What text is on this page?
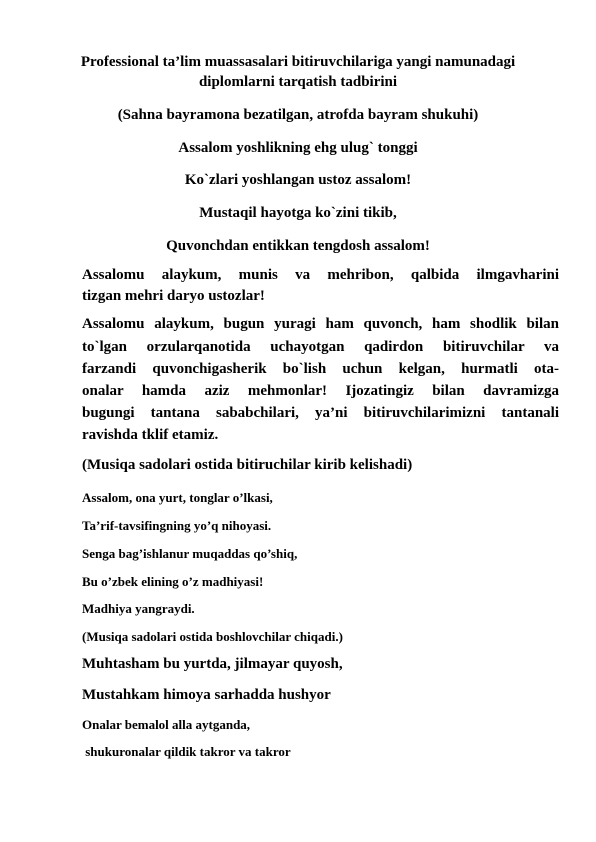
Professional ta’lim muassasalari bitiruvchilariga yangi namunadagi
diplomlarni tarqatish tadbirini
(Sahna bayramona bezatilgan, atrofda bayram shukuhi)
Assalom yoshlikning ehg ulug` tonggi
Ko`zlari yoshlangan ustoz assalom!
Mustaqil hayotga ko`zini tikib,
Quvonchdan entikkan tengdosh assalom!
Assalomu alaykum, munis va mehribon, qalbida ilmgavharini
tizgan mehri daryo ustozlar!
Assalomu alaykum, bugun yuragi ham quvonch, ham shodlik bilan
to`lgan orzularqanotida uchayotgan qadirdon bitiruvchilar va
farzandi quvonchigasherik bo`lish uchun kelgan, hurmatli ota-
onalar hamda aziz mehmonlar! Ijozatingiz bilan davramizga
bugungi tantana sababchilari, ya’ni bitiruvchilarimizni tantanali
ravishda tklif etamiz.
(Musiqa sadolari ostida bitiruchilar kirib kelishadi)
Assalom, ona yurt, tonglar o’lkasi,
Ta’rif-tavsifingning yo’q nihoyasi.
Senga bag’ishlanur muqaddas qo’shiq,
Bu o’zbek elining o’z madhiyasi!
Madhiya yangraydi.
(Musiqa sadolari ostida boshlovchilar chiqadi.)
Muhtasham bu yurtda, jilmayar quyosh,
Mustahkam himoya sarhadda hushyor
Onalar bemalol alla aytganda,
shukuronalar qildik takror va takror
